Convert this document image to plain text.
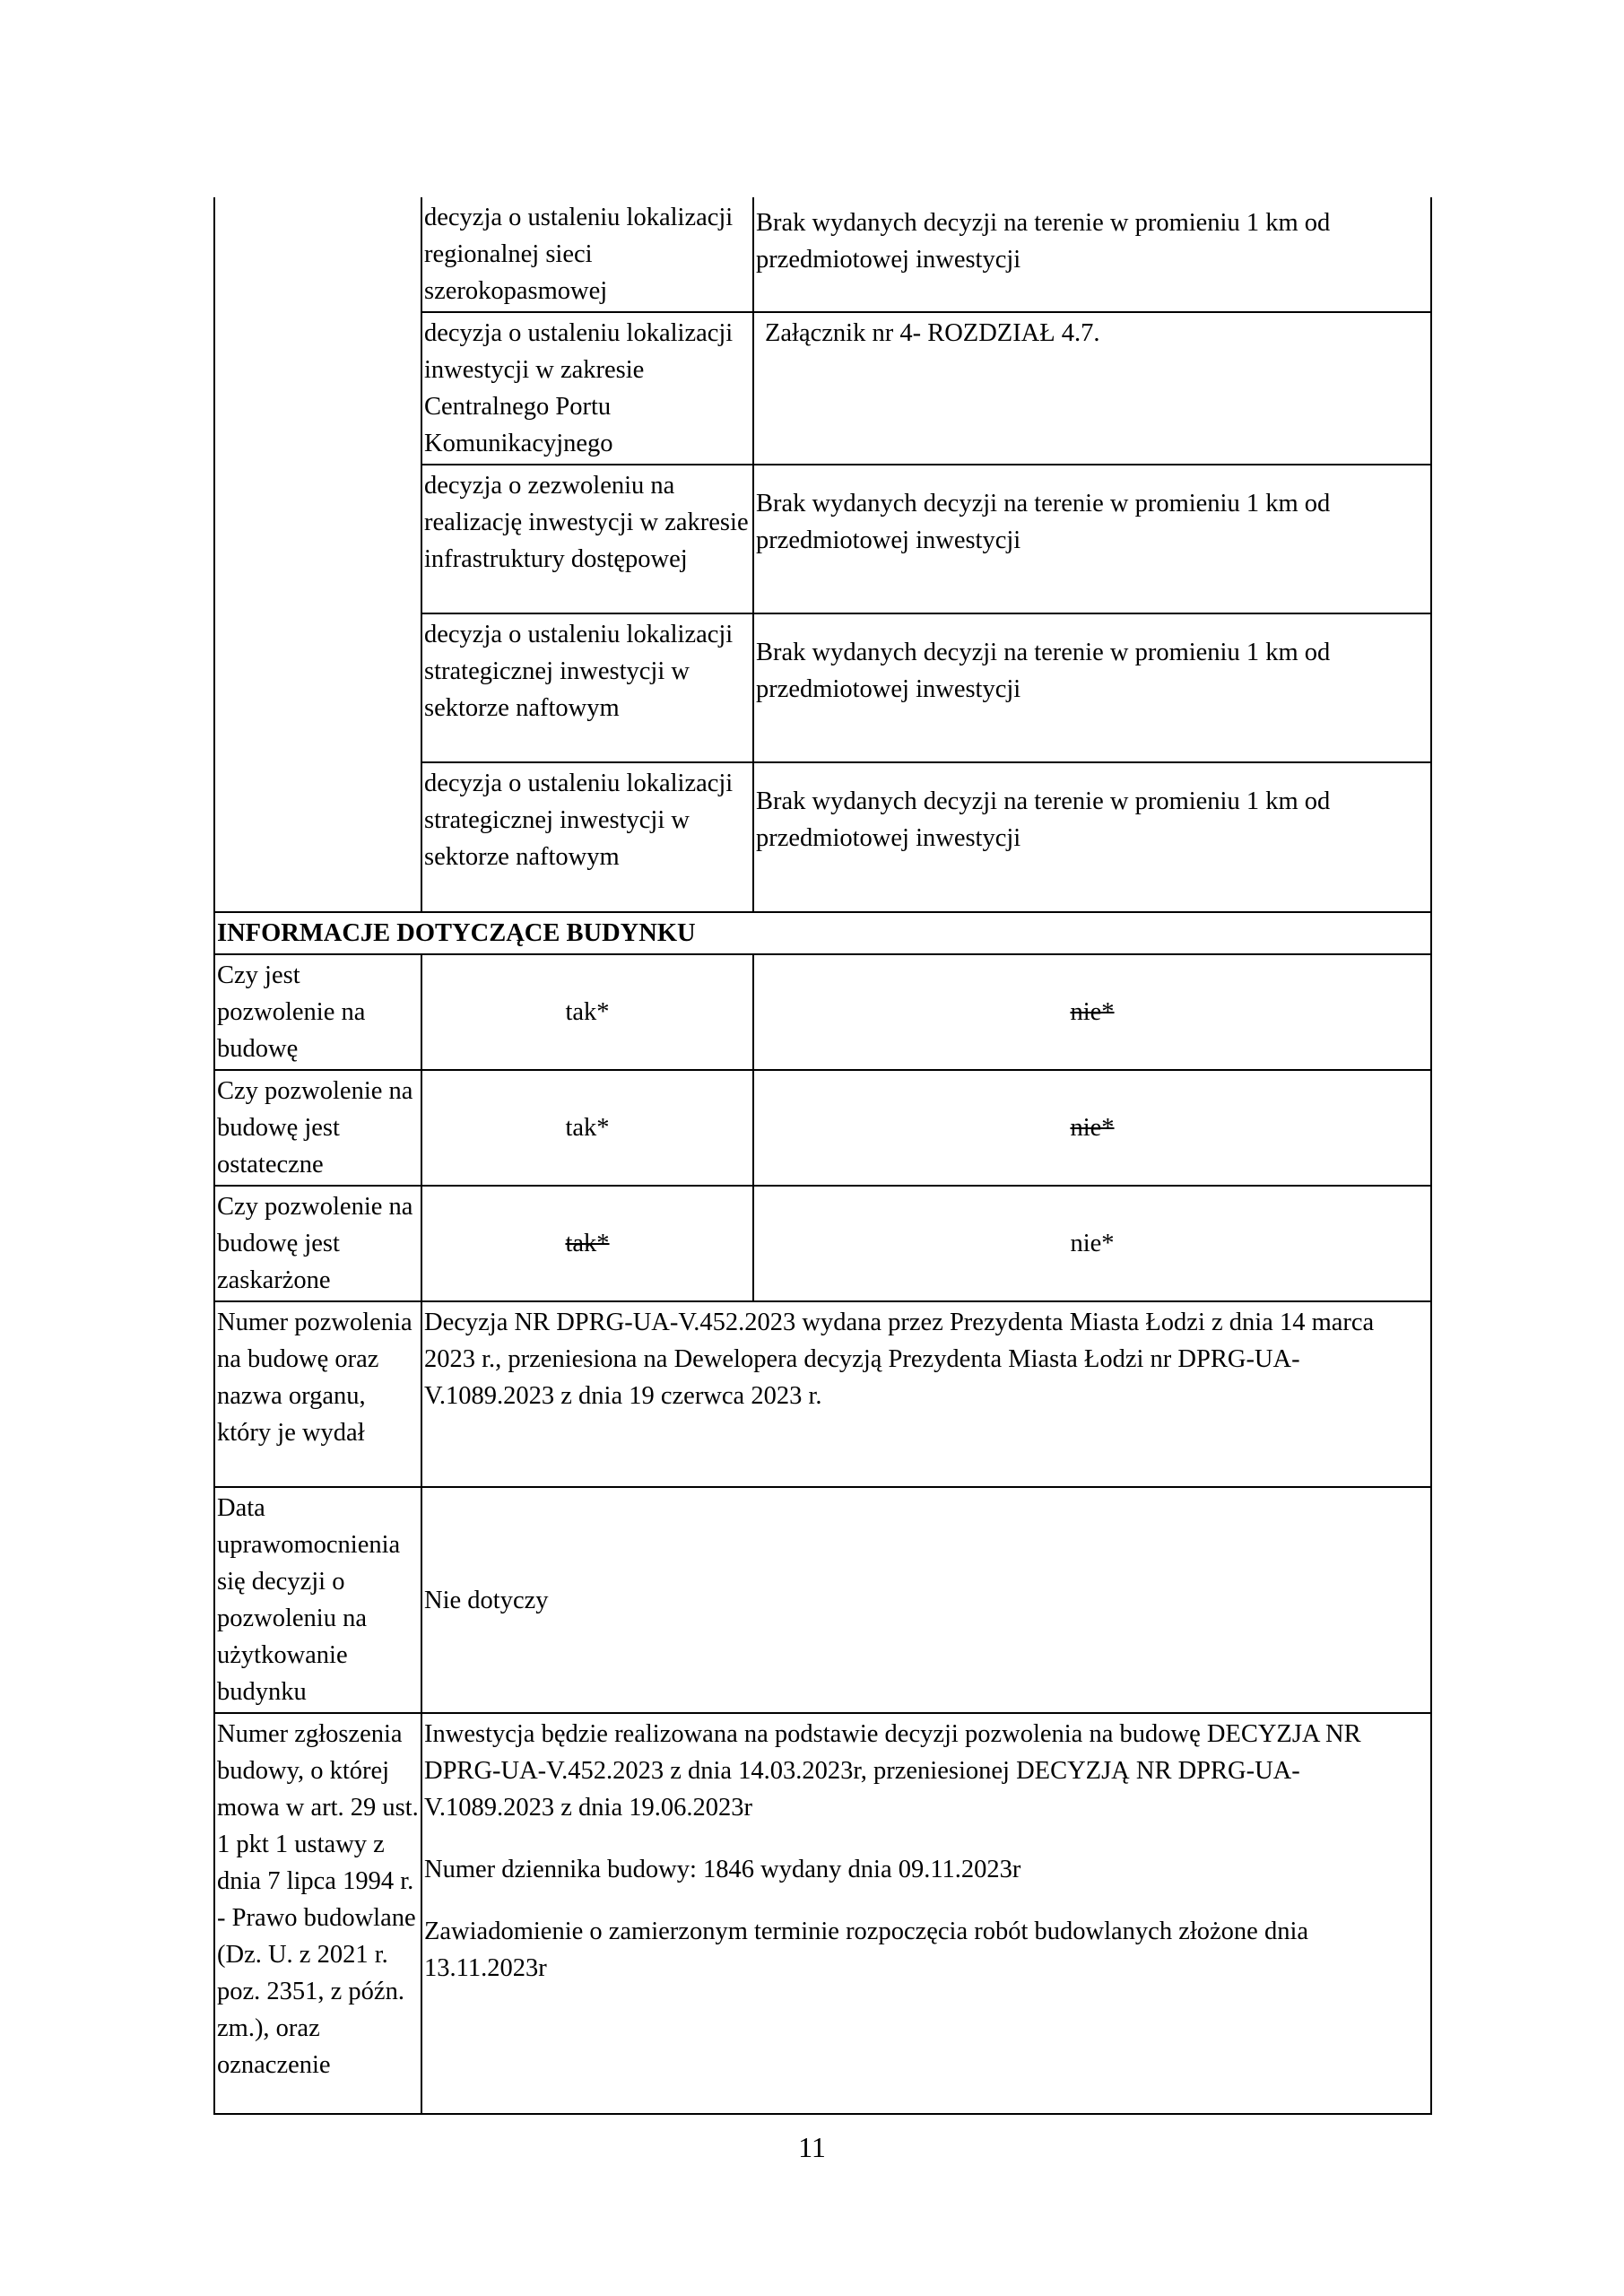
	decyzja o ustaleniu lokalizacji regionalnej sieci szerokopasmowej	Brak wydanych decyzji na terenie w promieniu 1 km od przedmiotowej inwestycji
	decyzja o ustaleniu lokalizacji inwestycji w zakresie Centralnego Portu Komunikacyjnego	Załącznik nr 4- ROZDZIAŁ 4.7.
	decyzja o zezwoleniu na realizację inwestycji w zakresie infrastruktury dostępowej	Brak wydanych decyzji na terenie w promieniu 1 km od przedmiotowej inwestycji
	decyzja o ustaleniu lokalizacji strategicznej inwestycji w sektorze naftowym	Brak wydanych decyzji na terenie w promieniu 1 km od przedmiotowej inwestycji
	decyzja o ustaleniu lokalizacji strategicznej inwestycji w sektorze naftowym	Brak wydanych decyzji na terenie w promieniu 1 km od przedmiotowej inwestycji
INFORMACJE DOTYCZĄCE BUDYNKU		
Czy jest pozwolenie na budowę	tak*	nie*
Czy pozwolenie na budowę jest ostateczne	tak*	nie*
Czy pozwolenie na budowę jest zaskarżone	tak*	nie*
Numer pozwolenia na budowę oraz nazwa organu, który je wydał	Decyzja NR DPRG-UA-V.452.2023 wydana przez Prezydenta Miasta Łodzi z dnia 14 marca 2023 r., przeniesiona na Dewelopera decyzją Prezydenta Miasta Łodzi nr DPRG-UA-V.1089.2023 z dnia 19 czerwca 2023 r.	
Data uprawomocnienia się decyzji o pozwoleniu na użytkowanie budynku	Nie dotyczy	
Numer zgłoszenia budowy, o której mowa w art. 29 ust. 1 pkt 1 ustawy z dnia 7 lipca 1994 r. - Prawo budowlane (Dz. U. z 2021 r. poz. 2351, z późn. zm.), oraz oznaczenie	Inwestycja będzie realizowana na podstawie decyzji pozwolenia na budowę DECYZJA NR DPRG-UA-V.452.2023 z dnia 14.03.2023r, przeniesionej DECYZJĄ NR DPRG-UA-V.1089.2023 z dnia 19.06.2023r
Numer dziennika budowy: 1846 wydany dnia 09.11.2023r
Zawiadomienie o zamierzonym terminie rozpoczęcia robót budowlanych złożone dnia 13.11.2023r	
11
